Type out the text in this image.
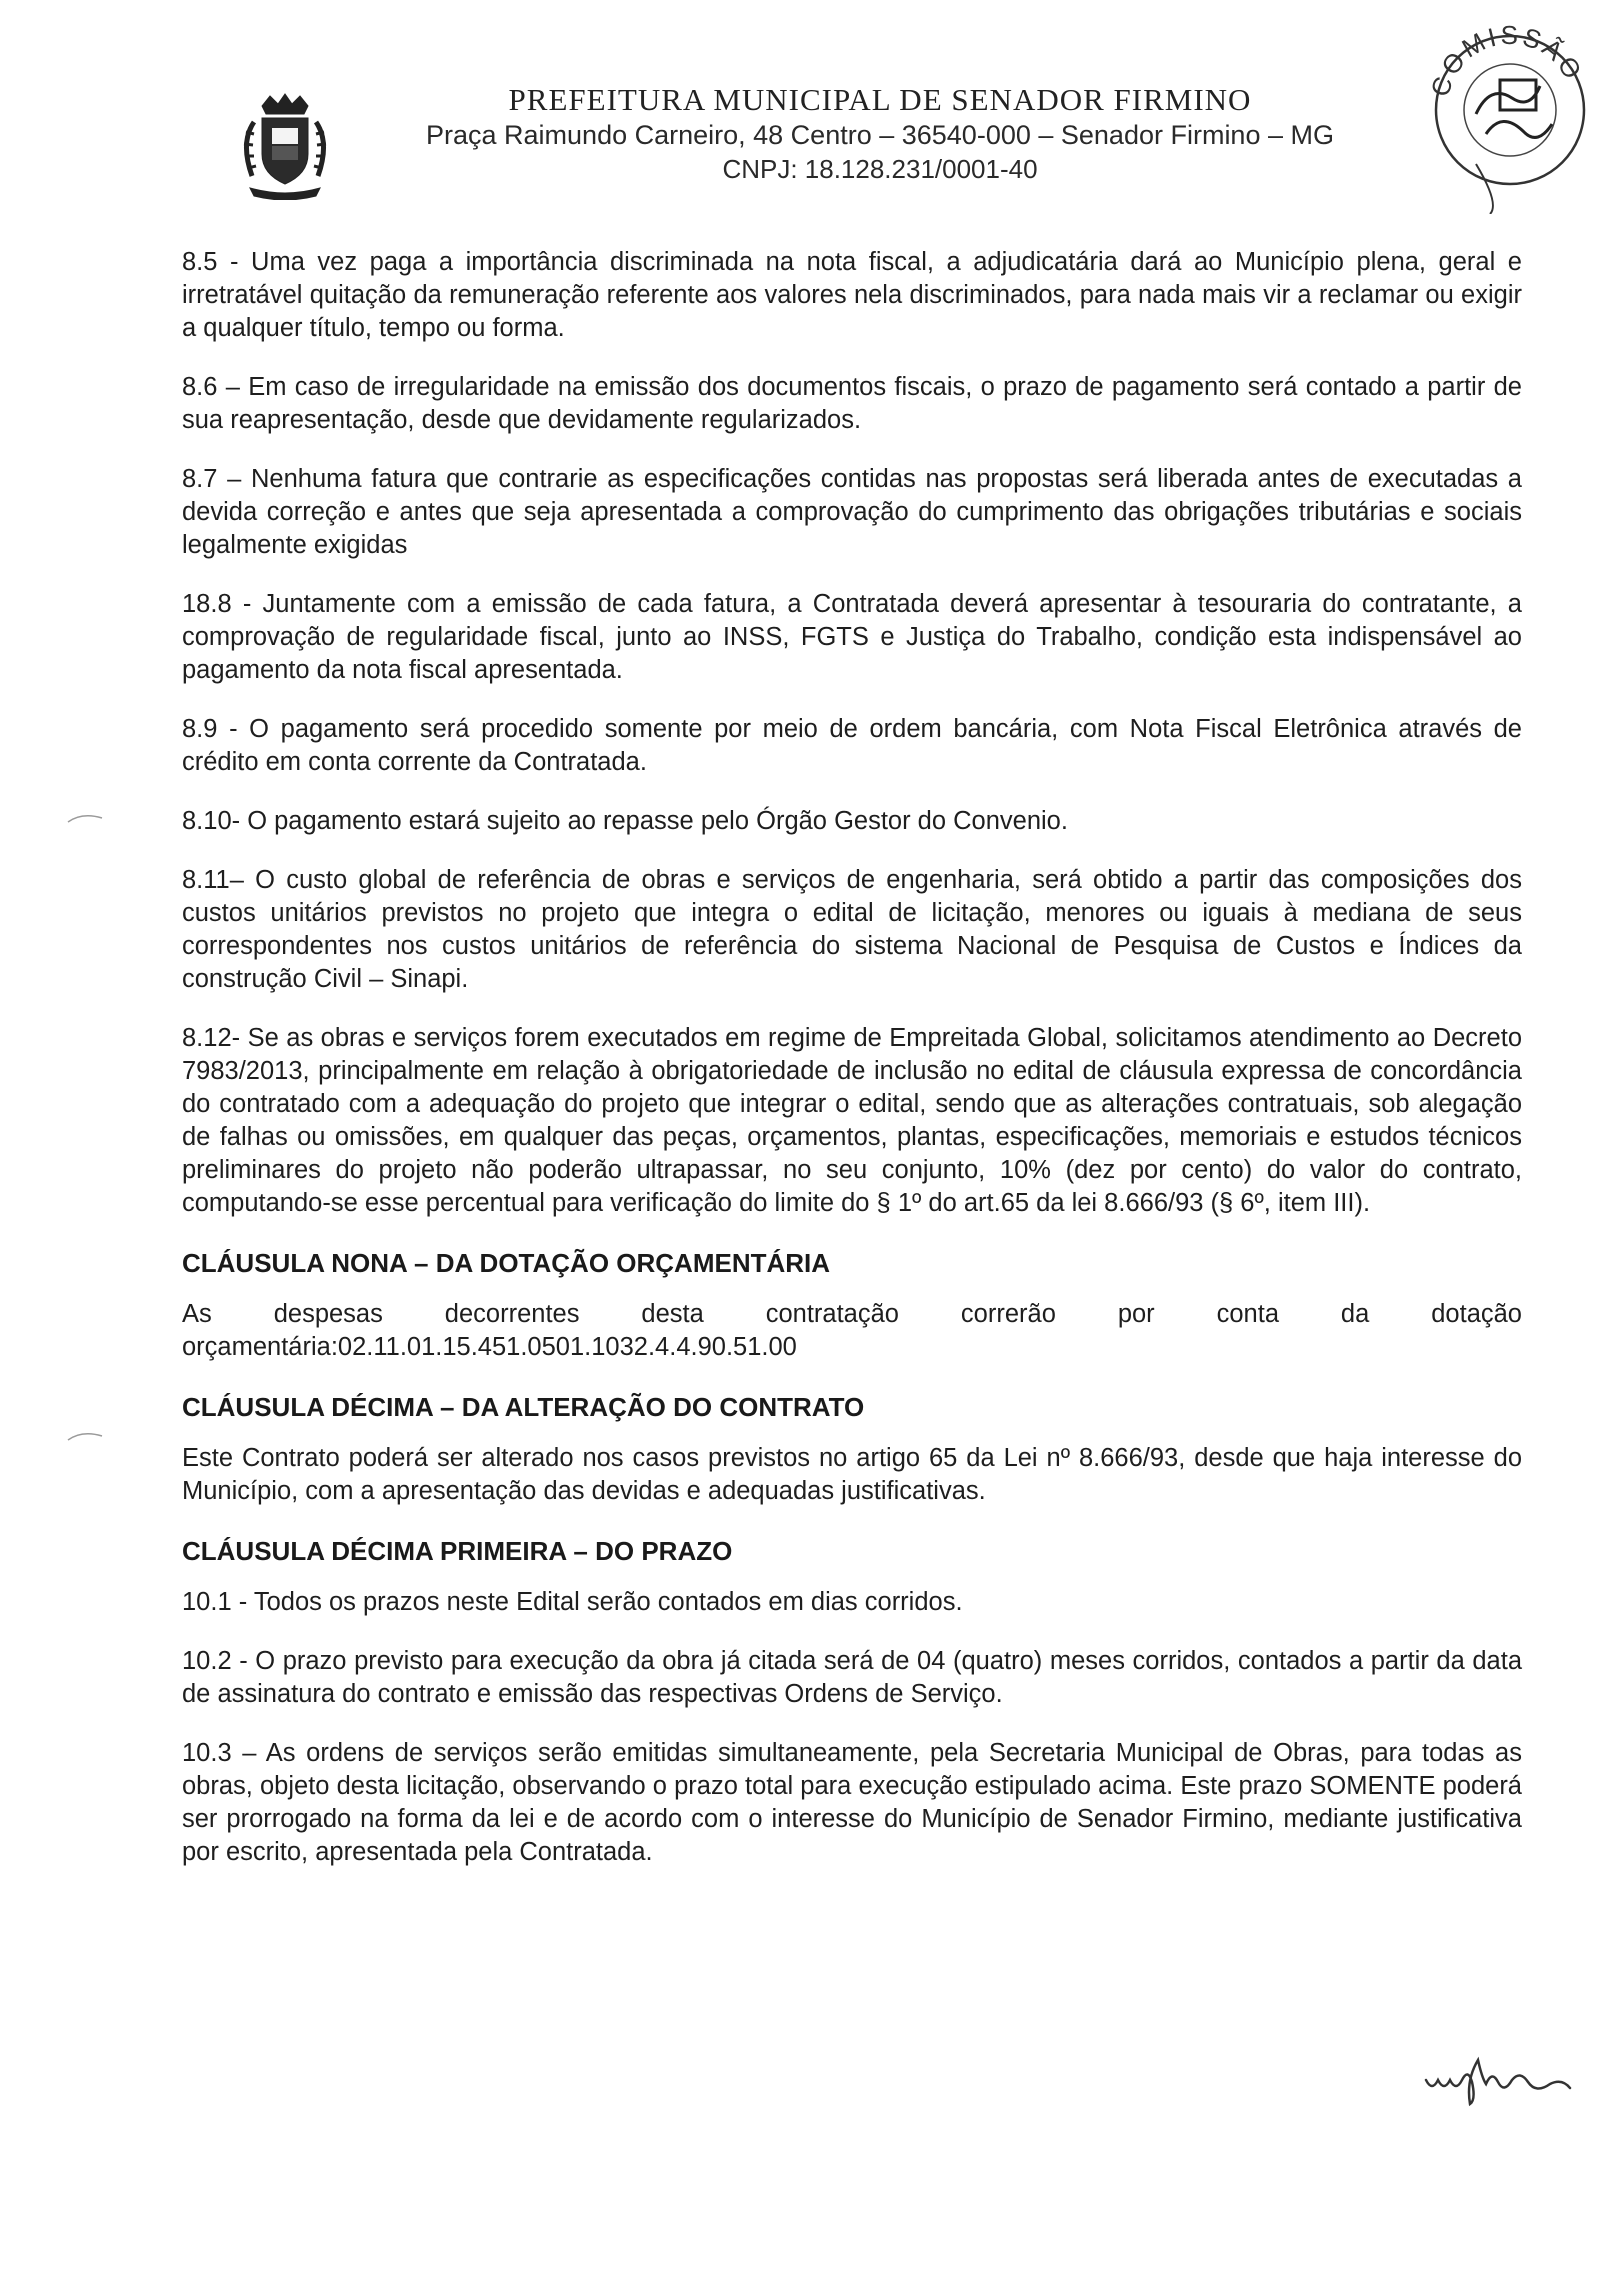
PREFEITURA MUNICIPAL DE SENADOR FIRMINO
Praça Raimundo Carneiro, 48 Centro – 36540-000 – Senador Firmino – MG
CNPJ: 18.128.231/0001-40
COMISSÃO
8.5 - Uma vez paga a importância discriminada na nota fiscal, a adjudicatária dará ao Município plena, geral e irretratável quitação da remuneração referente aos valores nela discriminados, para nada mais vir a reclamar ou exigir a qualquer título, tempo ou forma.
8.6 – Em caso de irregularidade na emissão dos documentos fiscais, o prazo de pagamento será contado a partir de sua reapresentação, desde que devidamente regularizados.
8.7 – Nenhuma fatura que contrarie as especificações contidas nas propostas será liberada antes de executadas a devida correção e antes que seja apresentada a comprovação do cumprimento das obrigações tributárias e sociais legalmente exigidas
18.8 - Juntamente com a emissão de cada fatura, a Contratada deverá apresentar à tesouraria do contratante, a comprovação de regularidade fiscal, junto ao INSS, FGTS e Justiça do Trabalho, condição esta indispensável ao pagamento da nota fiscal apresentada.
8.9 - O pagamento será procedido somente por meio de ordem bancária, com Nota Fiscal Eletrônica através de crédito em conta corrente da Contratada.
8.10- O pagamento estará sujeito ao repasse pelo Órgão Gestor do Convenio.
8.11– O custo global de referência de obras e serviços de engenharia, será obtido a partir das composições dos custos unitários previstos no projeto que integra o edital de licitação, menores ou iguais à mediana de seus correspondentes nos custos unitários de referência do sistema Nacional de Pesquisa de Custos e Índices da construção Civil – Sinapi.
8.12- Se as obras e serviços forem executados em regime de Empreitada Global, solicitamos atendimento ao Decreto 7983/2013, principalmente em relação à obrigatoriedade de inclusão no edital de cláusula expressa de concordância do contratado com a adequação do projeto que integrar o edital, sendo que as alterações contratuais, sob alegação de falhas ou omissões, em qualquer das peças, orçamentos, plantas, especificações, memoriais e estudos técnicos preliminares do projeto não poderão ultrapassar, no seu conjunto, 10% (dez por cento) do valor do contrato, computando-se esse percentual para verificação do limite do § 1º do art.65 da lei 8.666/93 (§ 6º, item III).
CLÁUSULA NONA – DA DOTAÇÃO ORÇAMENTÁRIA
As despesas decorrentes desta contratação correrão por conta da dotação orçamentária:02.11.01.15.451.0501.1032.4.4.90.51.00
CLÁUSULA DÉCIMA – DA ALTERAÇÃO DO CONTRATO
Este Contrato poderá ser alterado nos casos previstos no artigo 65 da Lei nº 8.666/93, desde que haja interesse do Município, com a apresentação das devidas e adequadas justificativas.
CLÁUSULA DÉCIMA PRIMEIRA – DO PRAZO
10.1 - Todos os prazos neste Edital serão contados em dias corridos.
10.2 - O prazo previsto para execução da obra já citada será de 04 (quatro) meses corridos, contados a partir da data de assinatura do contrato e emissão das respectivas Ordens de Serviço.
10.3 – As ordens de serviços serão emitidas simultaneamente, pela Secretaria Municipal de Obras, para todas as obras, objeto desta licitação, observando o prazo total para execução estipulado acima. Este prazo SOMENTE poderá ser prorrogado na forma da lei e de acordo com o interesse do Município de Senador Firmino, mediante justificativa por escrito, apresentada pela Contratada.
